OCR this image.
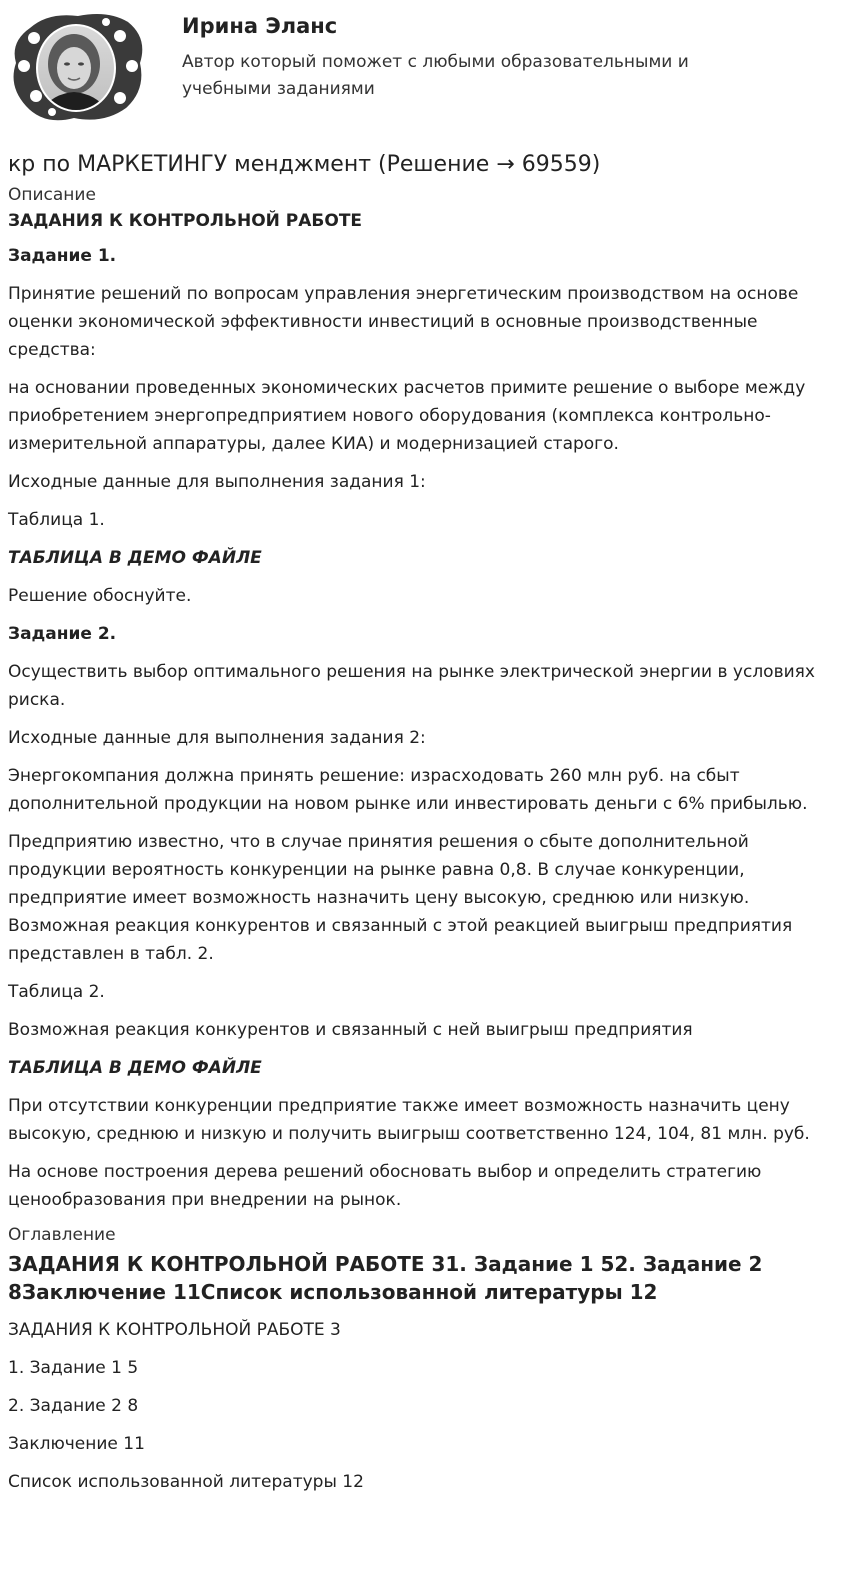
Ирина Эланс
Автор который поможет с любыми образовательными и учебными заданиями
кр по МАРКЕТИНГУ менджмент (Решение → 69559)
Описание
ЗАДАНИЯ К КОНТРОЛЬНОЙ РАБОТЕ

Задание 1.

Принятие решений по вопросам управления энергетическим производством на основе оценки экономической эффективности инвестиций в основные производственные средства:

на основании проведенных экономических расчетов примите решение о выборе между приобретением энергопредприятием нового оборудования (комплекса контрольно-измерительной аппаратуры, далее КИА) и модернизацией старого.

Исходные данные для выполнения задания 1:

Таблица 1.

ТАБЛИЦА В ДЕМО ФАЙЛЕ

Решение обоснуйте.

Задание 2.

Осуществить выбор оптимального решения на рынке электрической энергии в условиях риска.

Исходные данные для выполнения задания 2:

Энергокомпания должна принять решение: израсходовать 260 млн руб. на сбыт дополнительной продукции на новом рынке или инвестировать деньги с 6% прибылью.

Предприятию известно, что в случае принятия решения о сбыте дополнительной продукции вероятность конкуренции на рынке равна 0,8. В случае конкуренции, предприятие имеет возможность назначить цену высокую, среднюю или низкую. Возможная реакция конкурентов и связанный с этой реакцией выигрыш предприятия представлен в табл. 2.

Таблица 2.

Возможная реакция конкурентов и связанный с ней выигрыш предприятия

ТАБЛИЦА В ДЕМО ФАЙЛЕ

При отсутствии конкуренции предприятие также имеет возможность назначить цену высокую, среднюю и низкую и получить выигрыш соответственно 124, 104, 81 млн. руб.

На основе построения дерева решений обосновать выбор и определить стратегию ценообразования при внедрении на рынок.

Оглавление
ЗАДАНИЯ К КОНТРОЛЬНОЙ РАБОТЕ 31. Задание 1 52. Задание 2 8Заключение 11Список использованной литературы 12

ЗАДАНИЯ К КОНТРОЛЬНОЙ РАБОТЕ 3

1. Задание 1 5

2. Задание 2 8

Заключение 11

Список использованной литературы 12
